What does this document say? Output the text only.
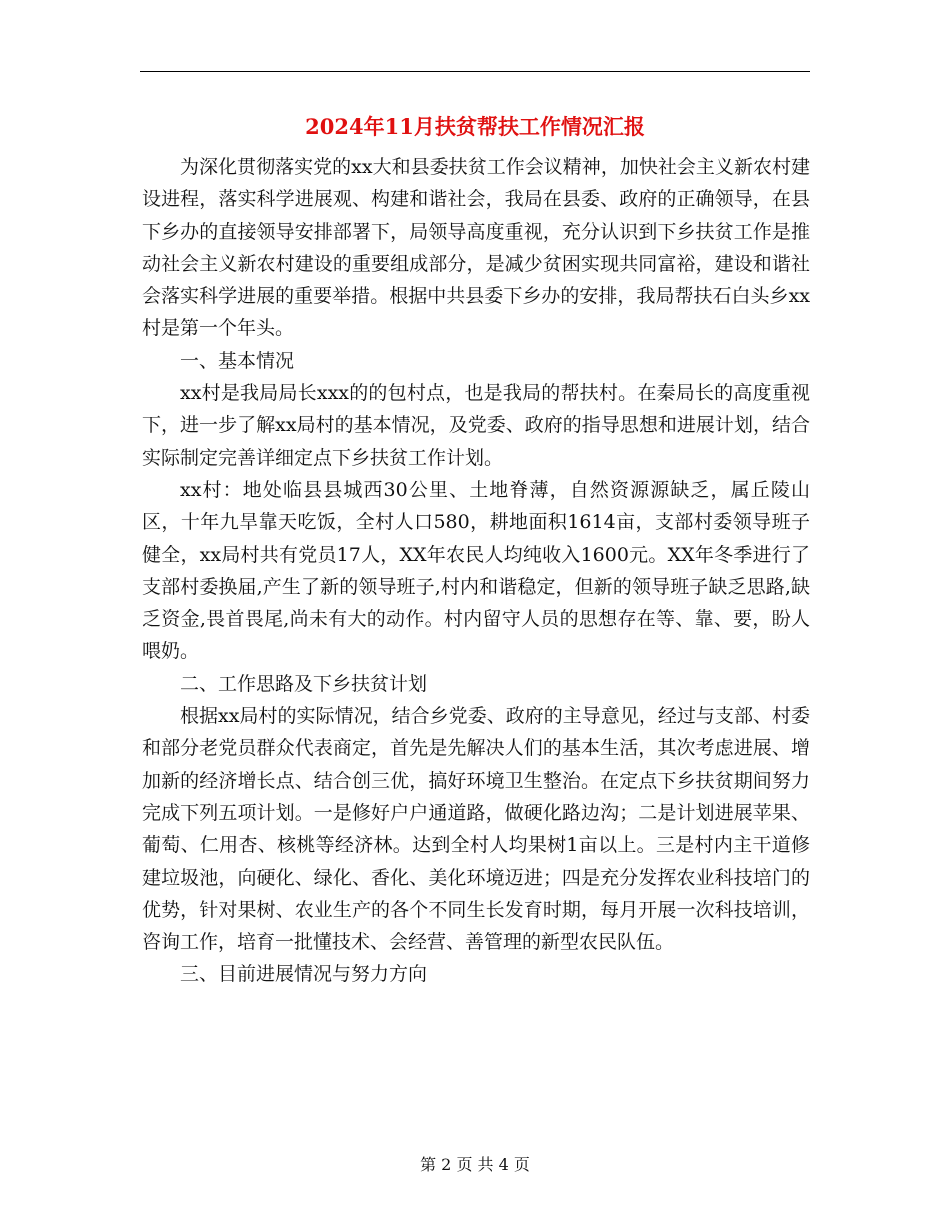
2024年11月扶贫帮扶工作情况汇报

为深化贯彻落实党的xx大和县委扶贫工作会议精神，加快社会主义新农村建设进程，落实科学进展观、构建和谐社会，我局在县委、政府的正确领导，在县下乡办的直接领导安排部署下，局领导高度重视，充分认识到下乡扶贫工作是推动社会主义新农村建设的重要组成部分，是减少贫困实现共同富裕，建设和谐社会落实科学进展的重要举措。根据中共县委下乡办的安排，我局帮扶石白头乡xx村是第一个年头。

一、基本情况

xx村是我局局长xxx的的包村点，也是我局的帮扶村。在秦局长的高度重视下，进一步了解xx局村的基本情况，及党委、政府的指导思想和进展计划，结合实际制定完善详细定点下乡扶贫工作计划。

xx村：地处临县县城西30公里、土地脊薄，自然资源源缺乏，属丘陵山区，十年九旱靠天吃饭，全村人口580，耕地面积1614亩，支部村委领导班子健全，xx局村共有党员17人，XX年农民人均纯收入1600元。XX年冬季进行了支部村委换届,产生了新的领导班子,村内和谐稳定，但新的领导班子缺乏思路,缺乏资金,畏首畏尾,尚未有大的动作。村内留守人员的思想存在等、靠、要，盼人喂奶。

二、工作思路及下乡扶贫计划

根据xx局村的实际情况，结合乡党委、政府的主导意见，经过与支部、村委和部分老党员群众代表商定，首先是先解决人们的基本生活，其次考虑进展、增加新的经济增长点、结合创三优，搞好环境卫生整治。在定点下乡扶贫期间努力完成下列五项计划。一是修好户户通道路，做硬化路边沟；二是计划进展苹果、葡萄、仁用杏、核桃等经济林。达到全村人均果树1亩以上。三是村内主干道修建垃圾池，向硬化、绿化、香化、美化环境迈进；四是充分发挥农业科技培门的优势，针对果树、农业生产的各个不同生长发育时期，每月开展一次科技培训，咨询工作，培育一批懂技术、会经营、善管理的新型农民队伍。

三、目前进展情况与努力方向

第 2 页 共 4 页
